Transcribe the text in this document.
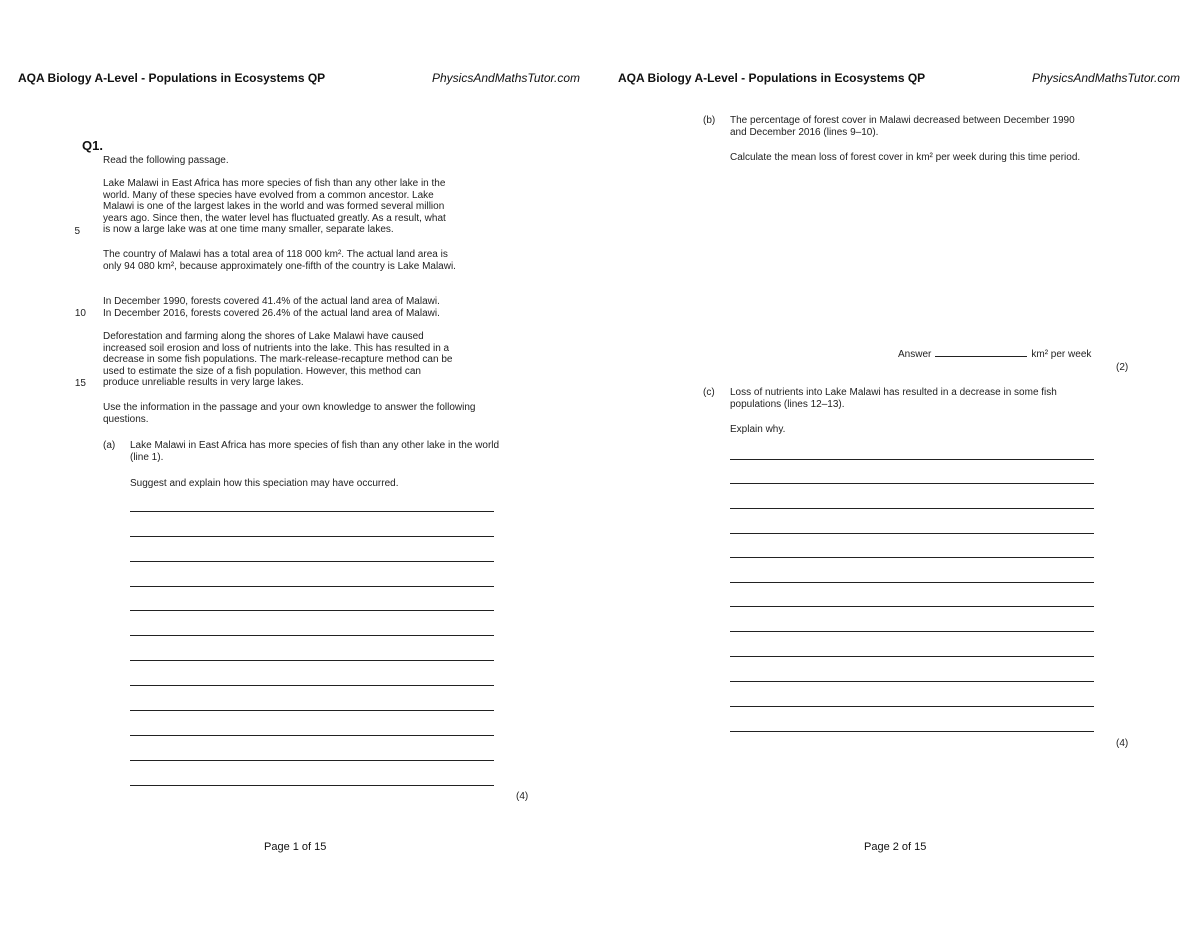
AQA Biology A-Level - Populations in Ecosystems QP	PhysicsAndMathsTutor.com
Q1.
Read the following passage.
Lake Malawi in East Africa has more species of fish than any other lake in the world. Many of these species have evolved from a common ancestor. Lake Malawi is one of the largest lakes in the world and was formed several million years ago. Since then, the water level has fluctuated greatly. As a result, what is now a large lake was at one time many smaller, separate lakes.
5
The country of Malawi has a total area of 118 000 km². The actual land area is only 94 080 km², because approximately one-fifth of the country is Lake Malawi.
In December 1990, forests covered 41.4% of the actual land area of Malawi.
In December 2016, forests covered 26.4% of the actual land area of Malawi.
10
Deforestation and farming along the shores of Lake Malawi have caused increased soil erosion and loss of nutrients into the lake. This has resulted in a decrease in some fish populations. The mark-release-recapture method can be used to estimate the size of a fish population. However, this method can produce unreliable results in very large lakes.
15
Use the information in the passage and your own knowledge to answer the following questions.
(a) Lake Malawi in East Africa has more species of fish than any other lake in the world (line 1).
Suggest and explain how this speciation may have occurred.
(4)
Page 1 of 15
AQA Biology A-Level - Populations in Ecosystems QP	PhysicsAndMathsTutor.com
(b) The percentage of forest cover in Malawi decreased between December 1990 and December 2016 (lines 9–10).
Calculate the mean loss of forest cover in km² per week during this time period.
Answer	km² per week
(2)
(c) Loss of nutrients into Lake Malawi has resulted in a decrease in some fish populations (lines 12–13).
Explain why.
(4)
Page 2 of 15
